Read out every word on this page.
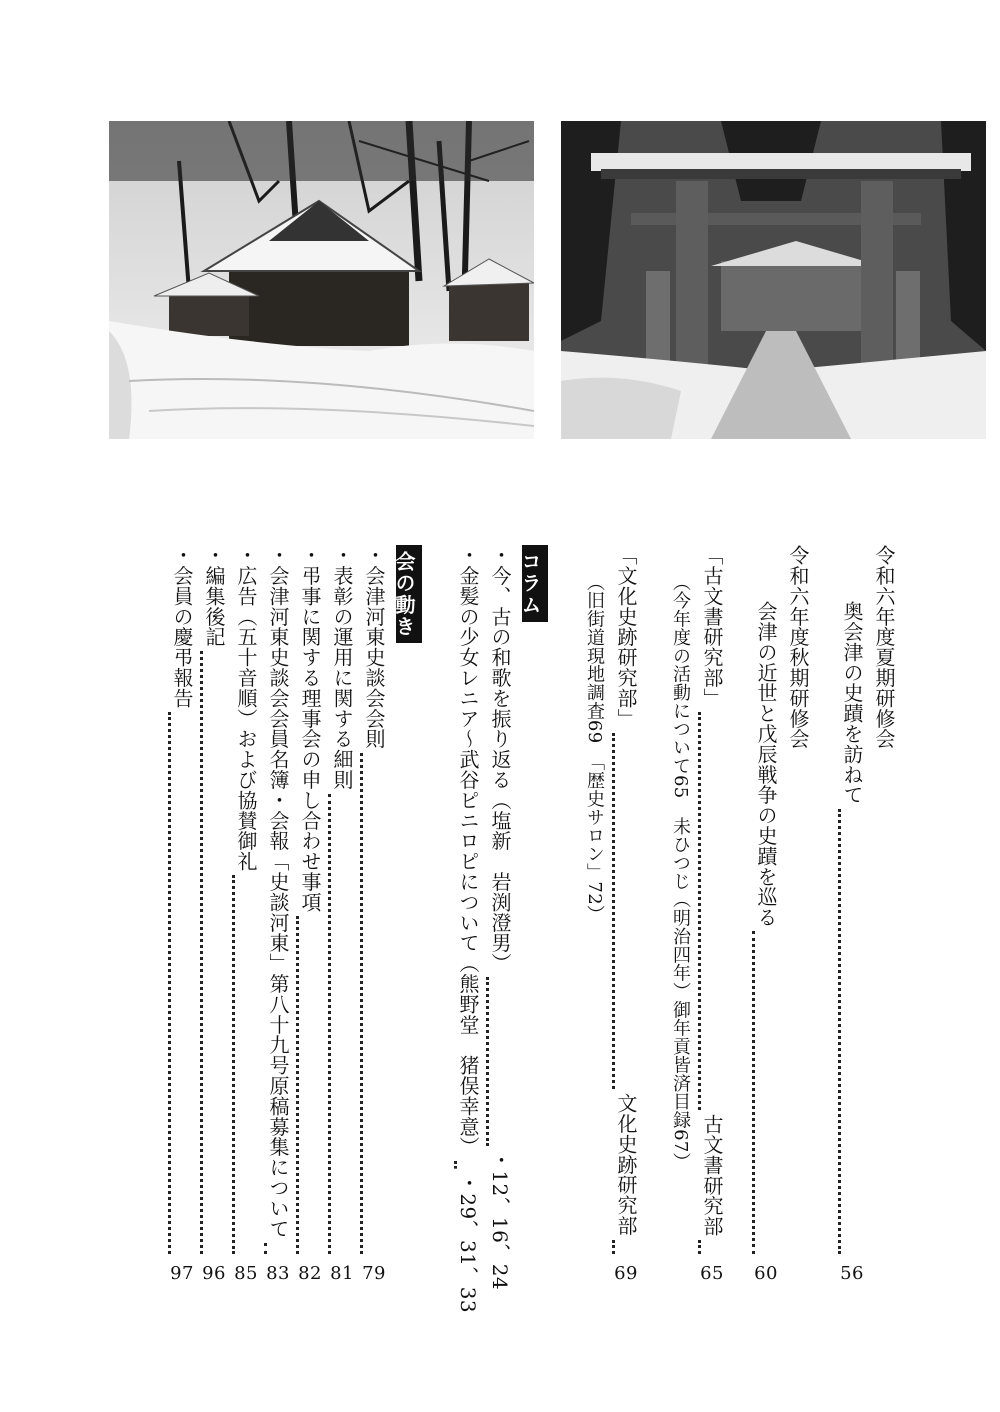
令和六年度夏期研修会
奥会津の史蹟を訪ねて
56
令和六年度秋期研修会
会津の近世と戊辰戦争の史蹟を巡る
60
「古文書研究部」
古文書研究部
65
（今年度の活動について65　未ひつじ（明治四年）御年貢皆済目録67）
「文化史跡研究部」
文化史跡研究部
69
（旧街道現地調査69　「歴史サロン」72）
コラム
・ 今、古の和歌を振り返る（塩新　岩渕澄男）
・ 12、16、24
・ 金髪の少女レニア～武谷ピニロピについて（熊野堂　猪俣幸意）
・ 29、31、33
会の動き
・ 会津河東史談会会則
79
・ 表彰の運用に関する細則
81
・ 弔事に関する理事会の申し合わせ事項
82
・ 会津河東史談会会員名簿・会報「史談河東」第八十九号原稿募集について
83
・ 広告（五十音順）および協賛御礼
85
・ 編集後記
96
・ 会員の慶弔報告
97
